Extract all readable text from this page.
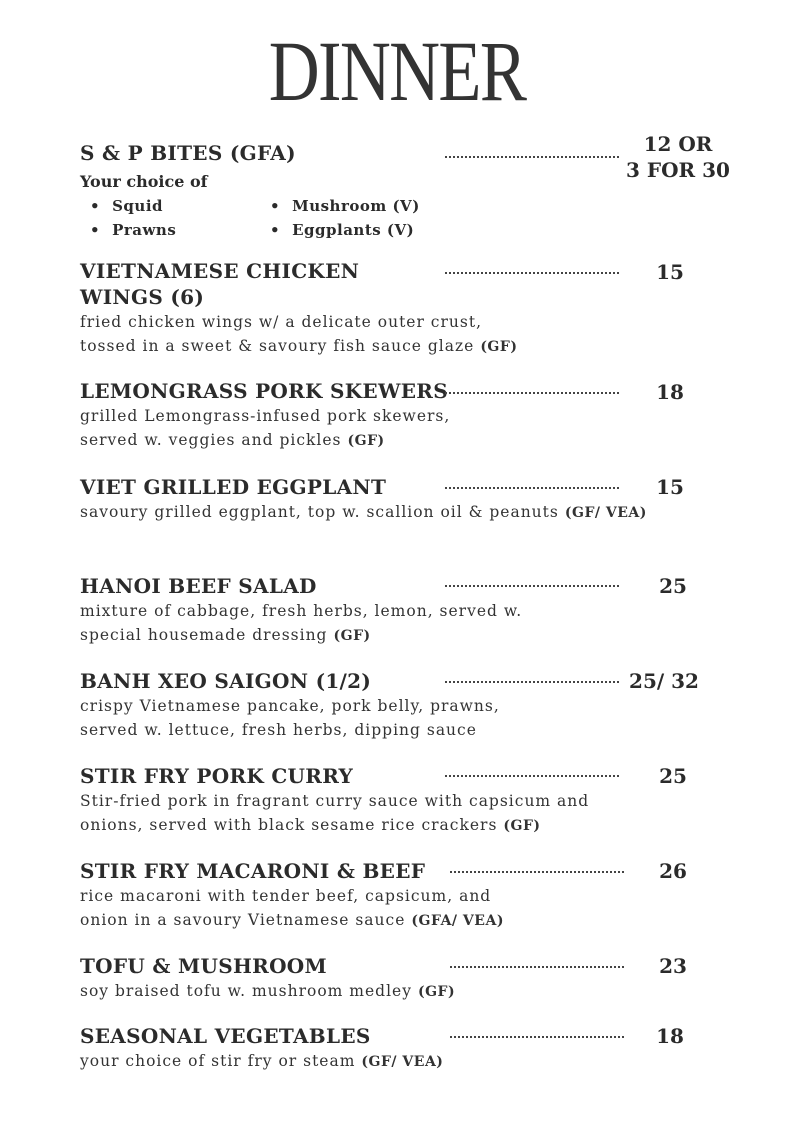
DINNER
S & P BITES (GFA)
Your choice of
• Squid
• Prawns
• Mushroom (V)
• Eggplants (V)
12 OR
3 FOR 30
VIETNAMESE CHICKEN
WINGS (6)
fried chicken wings w/ a delicate outer crust,
tossed in a sweet & savoury fish sauce glaze (GF)
15
LEMONGRASS PORK SKEWERS
grilled Lemongrass-infused pork skewers,
served w. veggies and pickles (GF)
18
VIET GRILLED EGGPLANT
savoury grilled eggplant, top w. scallion oil & peanuts (GF/ VEA)
15
HANOI BEEF SALAD
mixture of cabbage, fresh herbs, lemon, served w.
special housemade dressing (GF)
25
BANH XEO SAIGON (1/2)
crispy Vietnamese pancake, pork belly, prawns,
served w. lettuce, fresh herbs, dipping sauce
25/ 32
STIR FRY PORK CURRY
Stir-fried pork in fragrant curry sauce with capsicum and
onions, served with black sesame rice crackers (GF)
25
STIR FRY MACARONI & BEEF
rice macaroni with tender beef, capsicum, and
onion in a savoury Vietnamese sauce (GFA/ VEA)
26
TOFU & MUSHROOM
soy braised tofu w. mushroom medley (GF)
23
SEASONAL VEGETABLES
your choice of stir fry or steam (GF/ VEA)
18
